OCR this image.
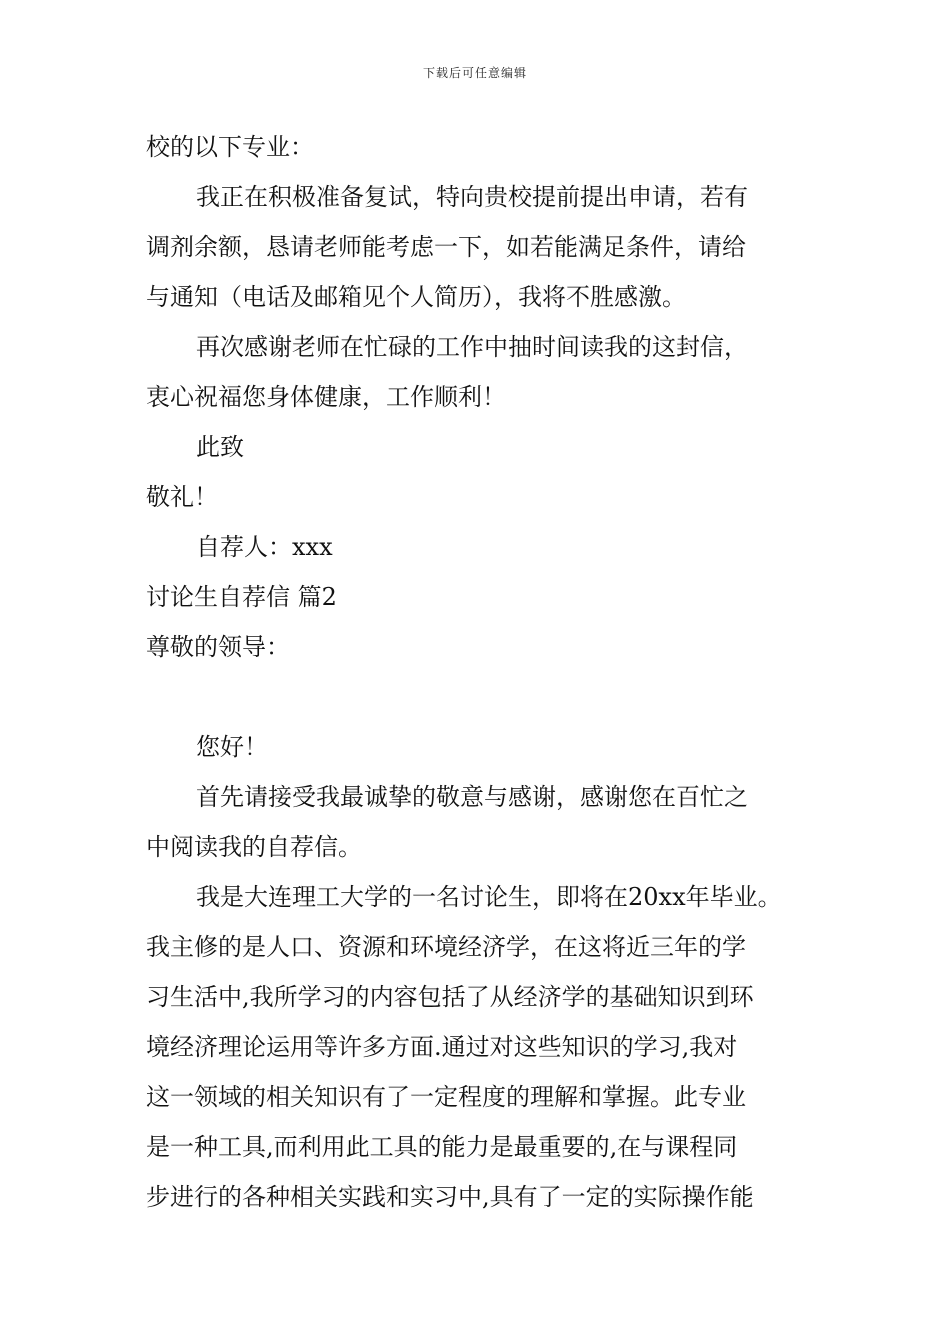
下载后可任意编辑
校的以下专业：
我正在积极准备复试，特向贵校提前提出申请，若有
调剂余额，恳请老师能考虑一下，如若能满足条件，请给
与通知（电话及邮箱见个人简历），我将不胜感激。
再次感谢老师在忙碌的工作中抽时间读我的这封信，
衷心祝福您身体健康，工作顺利！
此致
敬礼！
自荐人：xxx
讨论生自荐信 篇2
尊敬的领导：
您好！
首先请接受我最诚挚的敬意与感谢，感谢您在百忙之
中阅读我的自荐信。
我是大连理工大学的一名讨论生，即将在20xx年毕业。
我主修的是人口、资源和环境经济学，在这将近三年的学
习生活中,我所学习的内容包括了从经济学的基础知识到环
境经济理论运用等许多方面.通过对这些知识的学习,我对
这一领域的相关知识有了一定程度的理解和掌握。此专业
是一种工具,而利用此工具的能力是最重要的,在与课程同
步进行的各种相关实践和实习中,具有了一定的实际操作能
